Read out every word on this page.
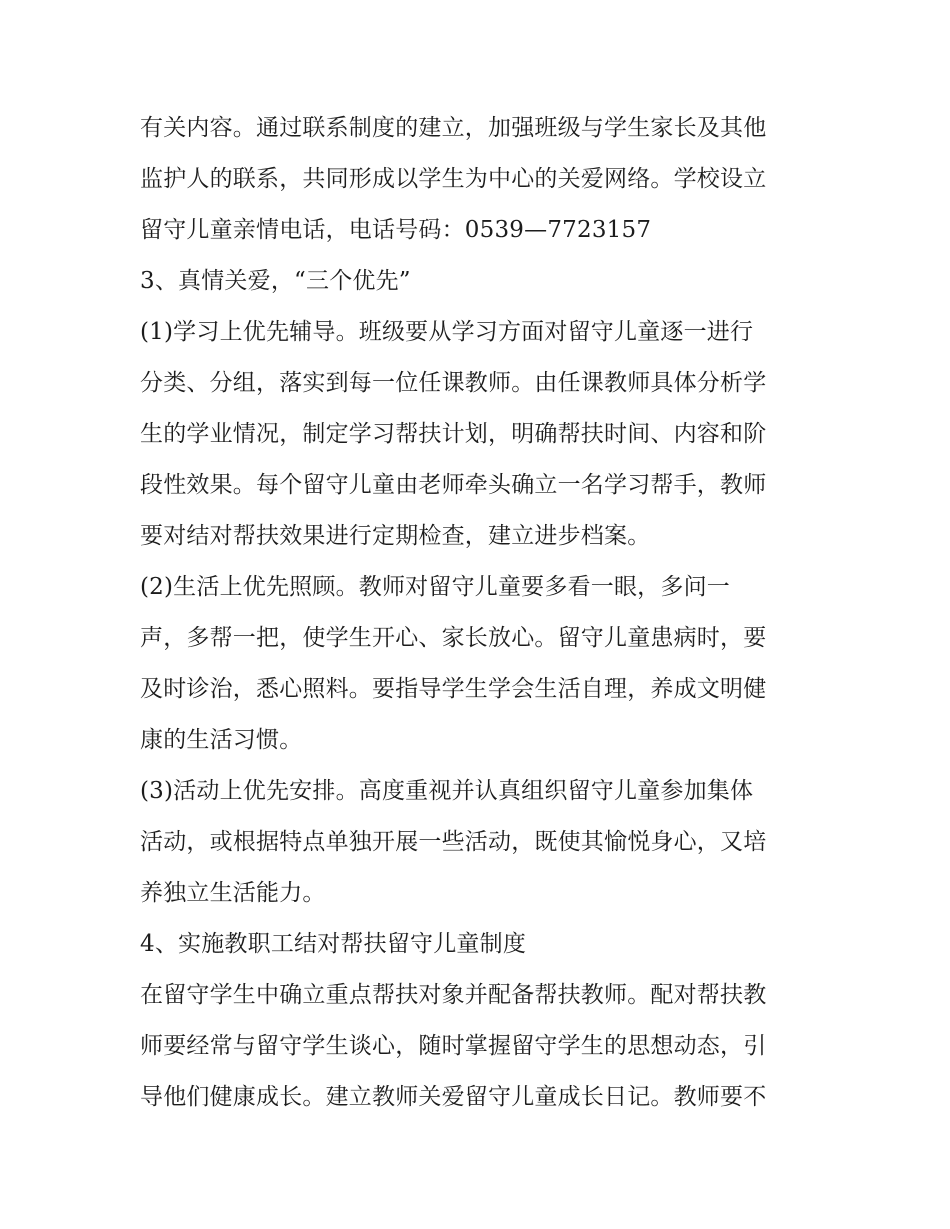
有关内容。通过联系制度的建立，加强班级与学生家长及其他
监护人的联系，共同形成以学生为中心的关爱网络。学校设立
留守儿童亲情电话，电话号码：0539—7723157
3、真情关爱，“三个优先”
(1)学习上优先辅导。班级要从学习方面对留守儿童逐一进行
分类、分组，落实到每一位任课教师。由任课教师具体分析学
生的学业情况，制定学习帮扶计划，明确帮扶时间、内容和阶
段性效果。每个留守儿童由老师牵头确立一名学习帮手，教师
要对结对帮扶效果进行定期检查，建立进步档案。
(2)生活上优先照顾。教师对留守儿童要多看一眼，多问一
声，多帮一把，使学生开心、家长放心。留守儿童患病时，要
及时诊治，悉心照料。要指导学生学会生活自理，养成文明健
康的生活习惯。
(3)活动上优先安排。高度重视并认真组织留守儿童参加集体
活动，或根据特点单独开展一些活动，既使其愉悦身心，又培
养独立生活能力。
4、实施教职工结对帮扶留守儿童制度
在留守学生中确立重点帮扶对象并配备帮扶教师。配对帮扶教
师要经常与留守学生谈心，随时掌握留守学生的思想动态，引
导他们健康成长。建立教师关爱留守儿童成长日记。教师要不
